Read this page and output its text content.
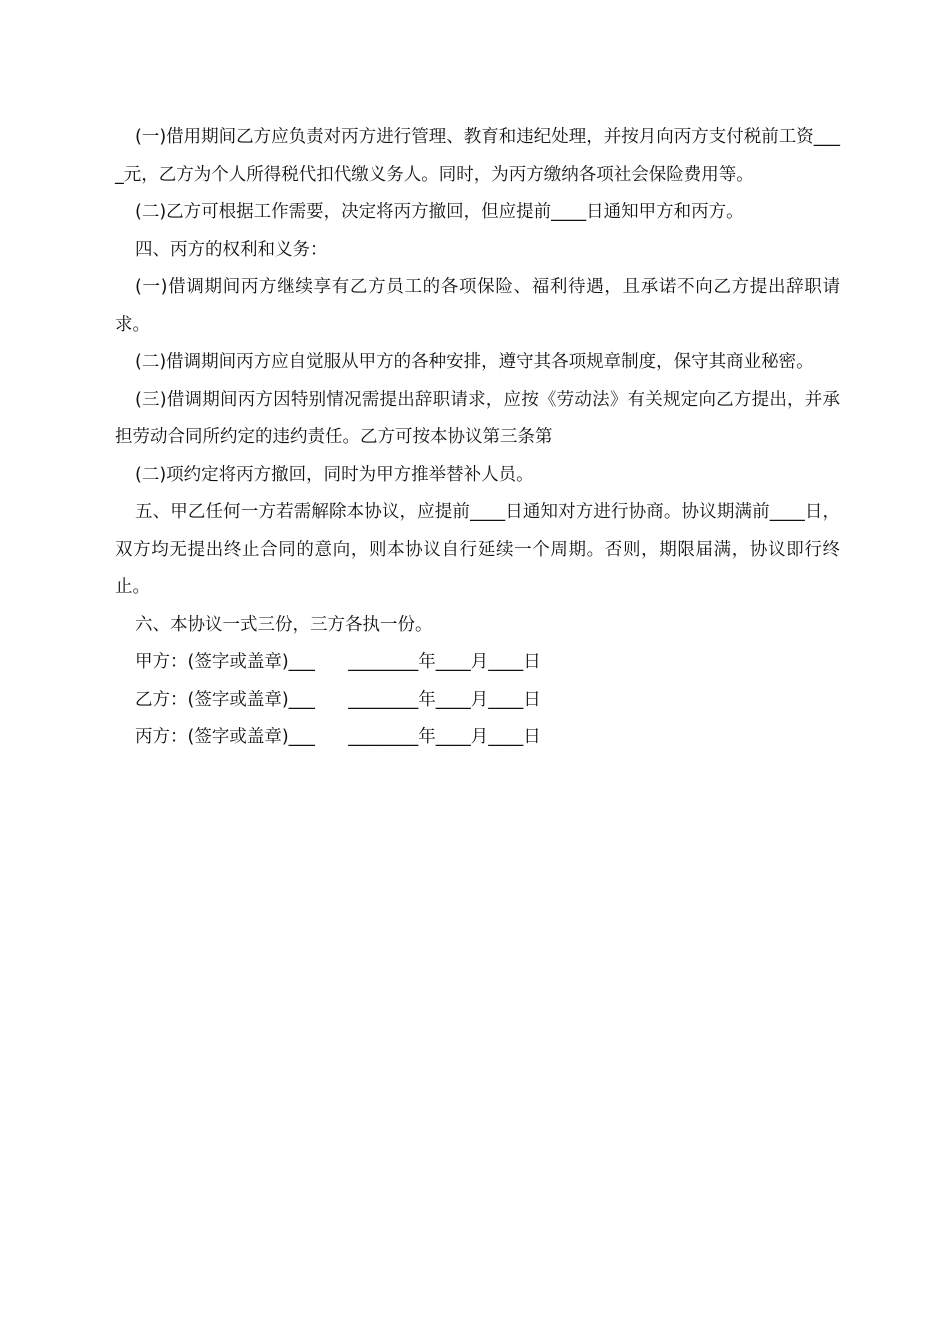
(一)借用期间乙方应负责对丙方进行管理、教育和违纪处理，并按月向丙方支付税前工资____元，乙方为个人所得税代扣代缴义务人。同时，为丙方缴纳各项社会保险费用等。

(二)乙方可根据工作需要，决定将丙方撤回，但应提前____日通知甲方和丙方。

四、丙方的权利和义务：

(一)借调期间丙方继续享有乙方员工的各项保险、福利待遇，且承诺不向乙方提出辞职请求。

(二)借调期间丙方应自觉服从甲方的各种安排，遵守其各项规章制度，保守其商业秘密。

(三)借调期间丙方因特别情况需提出辞职请求，应按《劳动法》有关规定向乙方提出，并承担劳动合同所约定的违约责任。乙方可按本协议第三条第

(二)项约定将丙方撤回，同时为甲方推举替补人员。

五、甲乙任何一方若需解除本协议，应提前____日通知对方进行协商。协议期满前____日，双方均无提出终止合同的意向，则本协议自行延续一个周期。否则，期限届满，协议即行终止。

六、本协议一式三份，三方各执一份。

甲方：(签字或盖章)___      ________年____月____日
乙方：(签字或盖章)___      ________年____月____日
丙方：(签字或盖章)___      ________年____月____日
